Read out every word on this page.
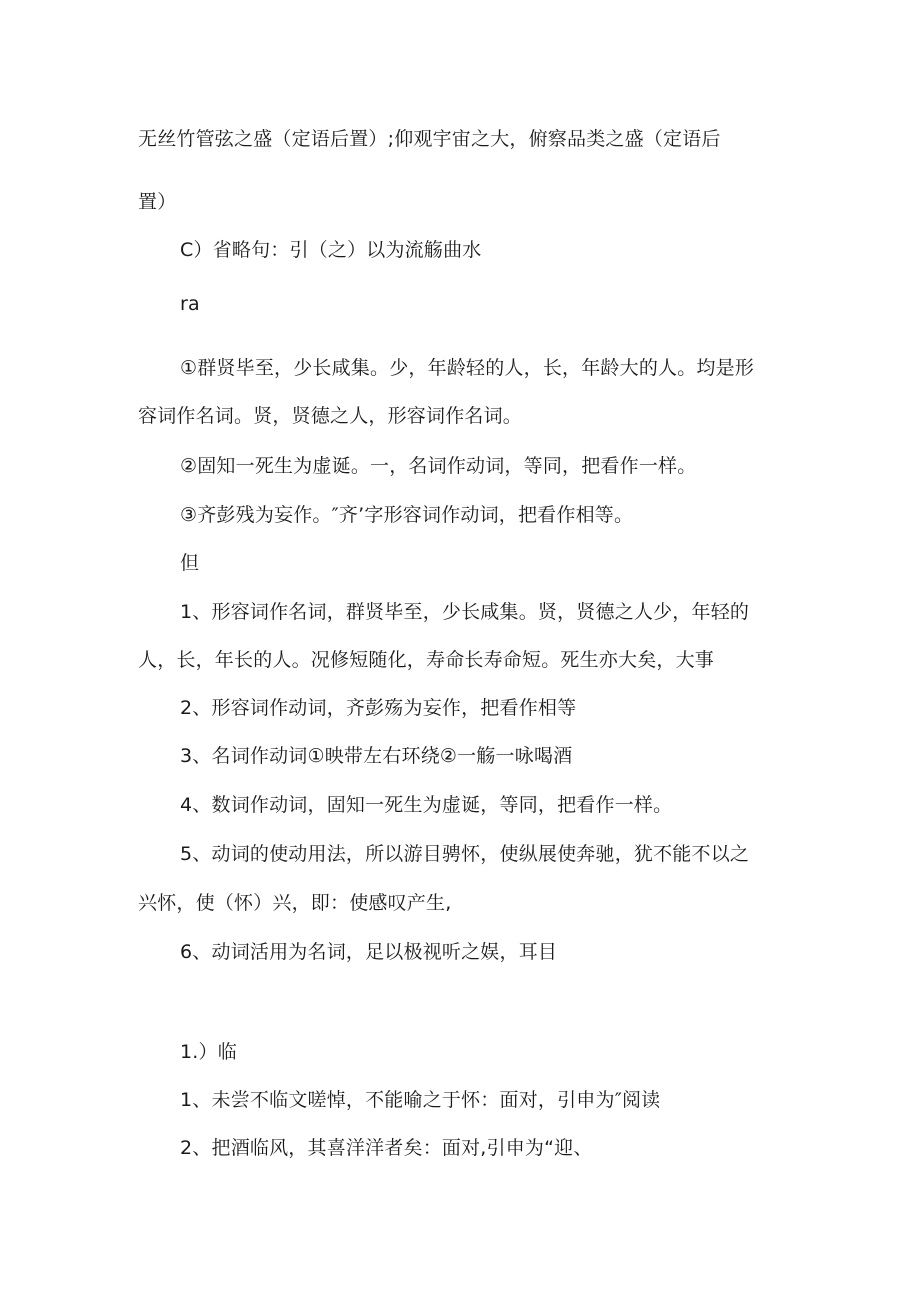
无丝竹管弦之盛（定语后置）;仰观宇宙之大，俯察品类之盛（定语后
置）
C）省略句：引（之）以为流觞曲水
ra
①群贤毕至，少长咸集。少，年龄轻的人，长，年龄大的人。均是形
容词作名词。贤，贤德之人，形容词作名词。
②固知一死生为虚诞。一，名词作动词，等同，把看作一样。
③齐彭残为妄作。″齐’字形容词作动词，把看作相等。
但
1、形容词作名词，群贤毕至，少长咸集。贤，贤德之人少，年轻的
人，长，年长的人。况修短随化，寿命长寿命短。死生亦大矣，大事
2、形容词作动词，齐彭殇为妄作，把看作相等
3、名词作动词①映带左右环绕②一觞一咏喝酒
4、数词作动词，固知一死生为虚诞，等同，把看作一样。
5、动词的使动用法，所以游目骋怀，使纵展使奔驰，犹不能不以之
兴怀，使（怀）兴，即：使感叹产生,
6、动词活用为名词，足以极视听之娱，耳目
1.）临
1、未尝不临文嗟悼，不能喻之于怀：面对，引申为″阅读
2、把酒临风，其喜洋洋者矣：面对,引申为“迎、
